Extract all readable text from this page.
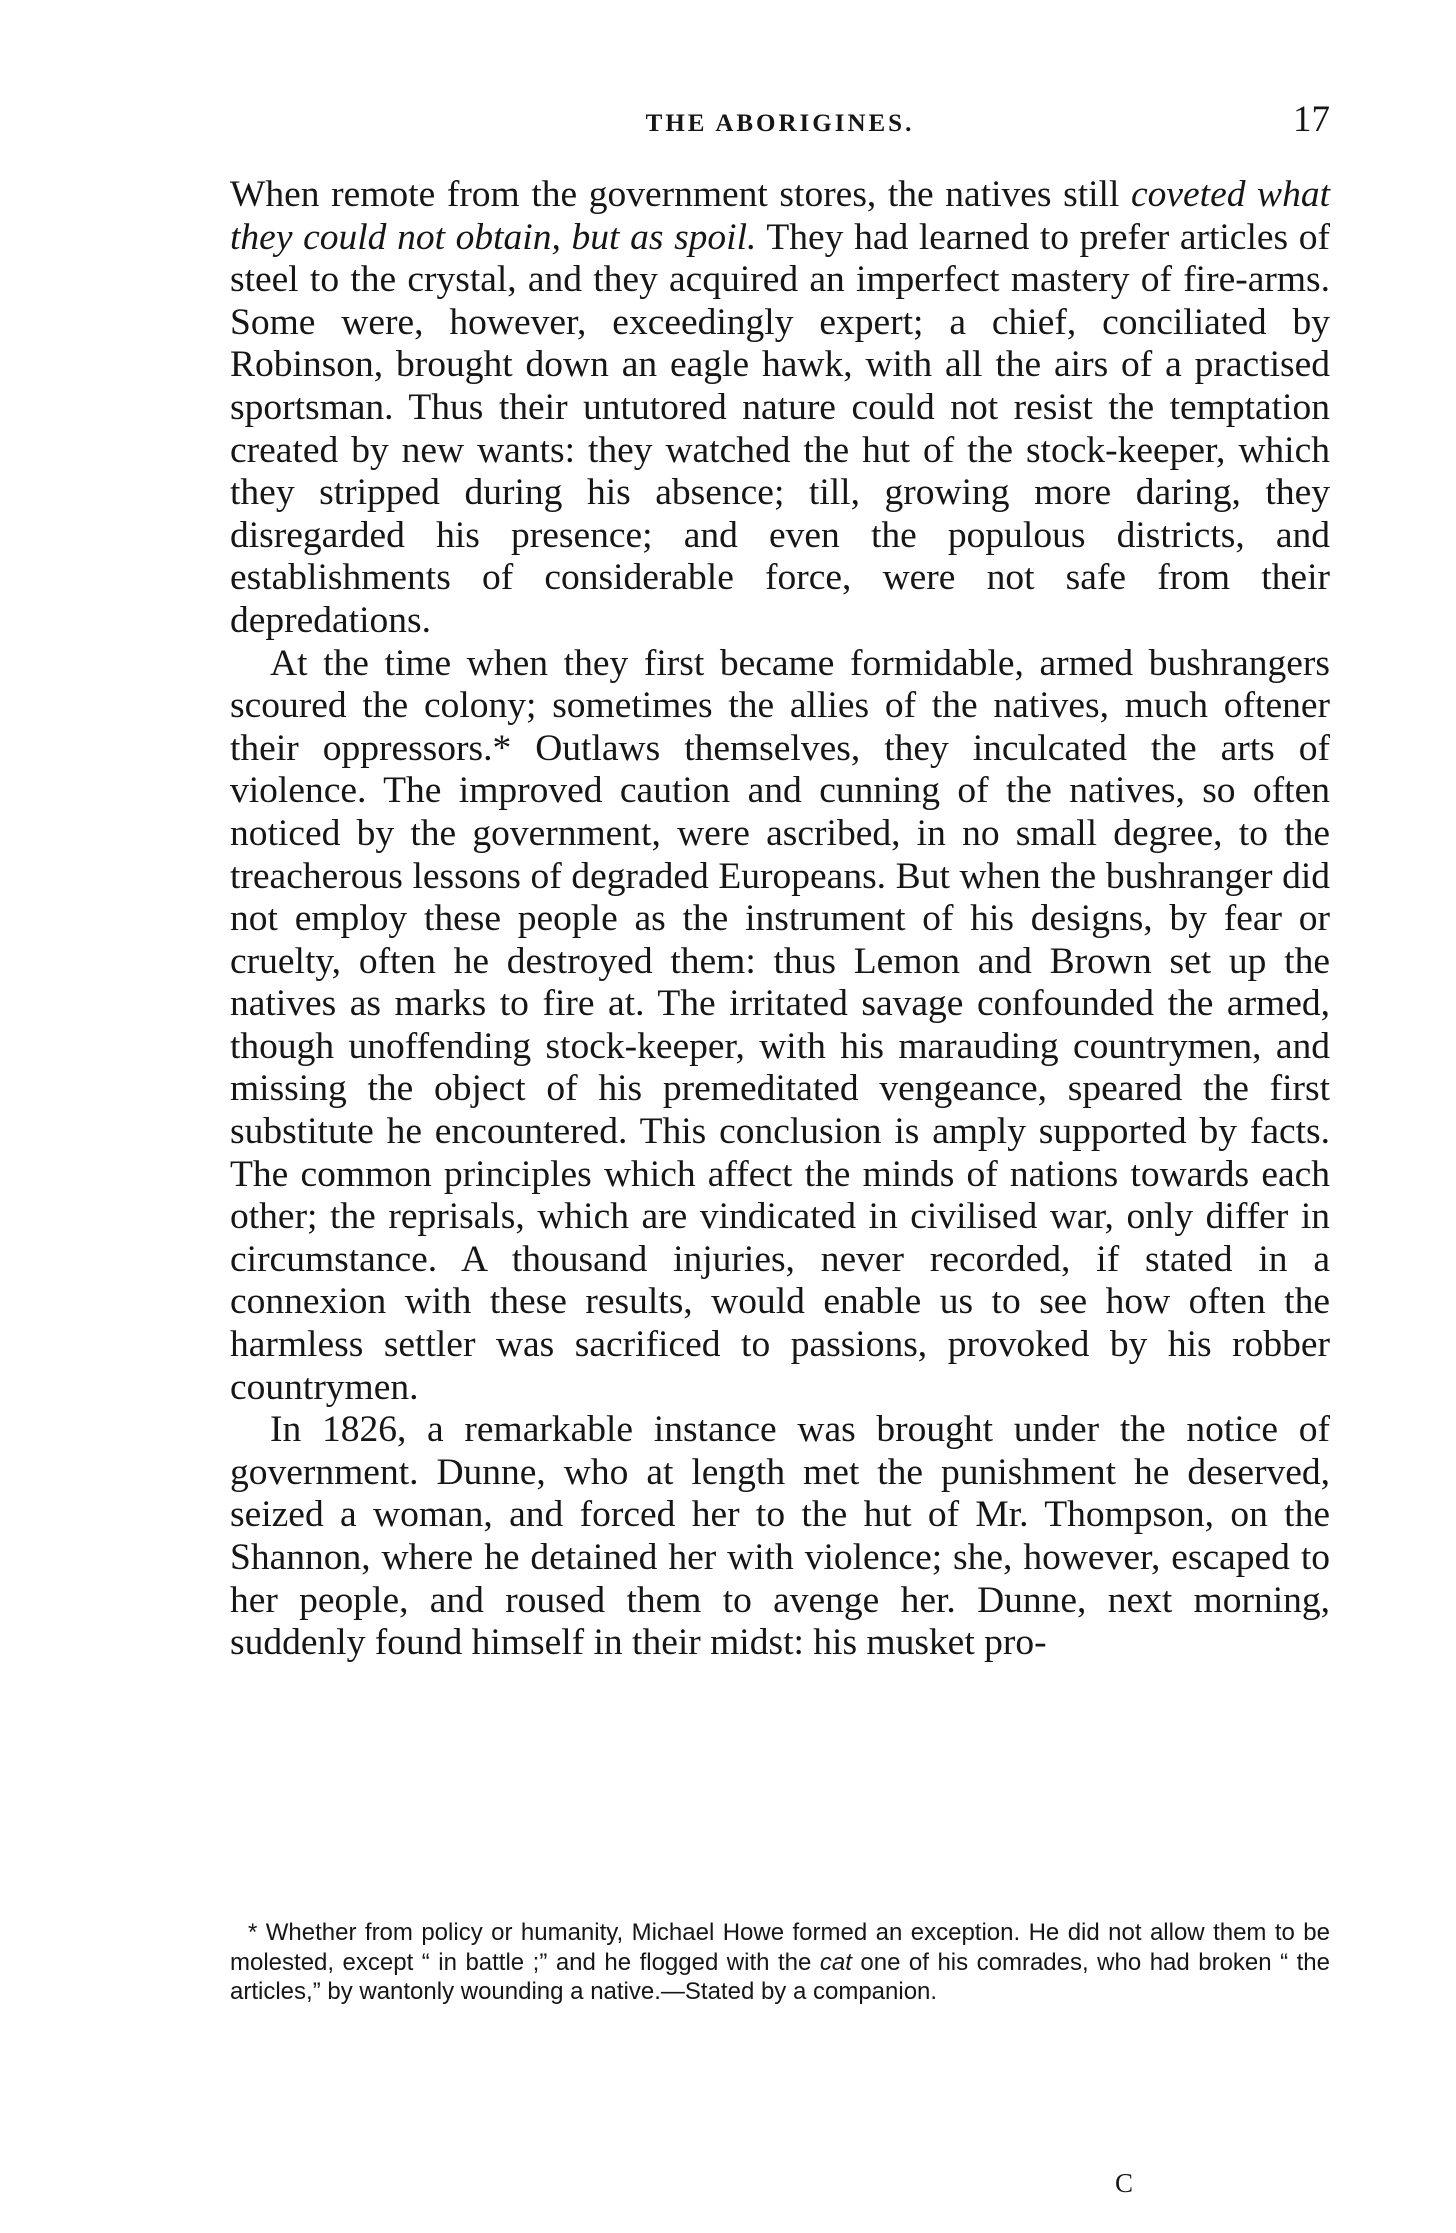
THE ABORIGINES.	17

When remote from the government stores, the natives still coveted what they could not obtain, but as spoil. They had learned to prefer articles of steel to the crystal, and they acquired an imperfect mastery of fire-arms. Some were, however, exceedingly expert; a chief, conciliated by Robinson, brought down an eagle hawk, with all the airs of a practised sportsman. Thus their untutored nature could not resist the temptation created by new wants: they watched the hut of the stock-keeper, which they stripped during his absence; till, growing more daring, they disregarded his presence; and even the populous districts, and establishments of considerable force, were not safe from their depredations.

At the time when they first became formidable, armed bushrangers scoured the colony; sometimes the allies of the natives, much oftener their oppressors.* Outlaws themselves, they inculcated the arts of violence. The improved caution and cunning of the natives, so often noticed by the government, were ascribed, in no small degree, to the treacherous lessons of degraded Europeans. But when the bushranger did not employ these people as the instrument of his designs, by fear or cruelty, often he destroyed them: thus Lemon and Brown set up the natives as marks to fire at. The irritated savage confounded the armed, though unoffending stock-keeper, with his marauding countrymen, and missing the object of his premeditated vengeance, speared the first substitute he encountered. This conclusion is amply supported by facts. The common principles which affect the minds of nations towards each other; the reprisals, which are vindicated in civilised war, only differ in circumstance. A thousand injuries, never recorded, if stated in a connexion with these results, would enable us to see how often the harmless settler was sacrificed to passions, provoked by his robber countrymen.

In 1826, a remarkable instance was brought under the notice of government. Dunne, who at length met the punishment he deserved, seized a woman, and forced her to the hut of Mr. Thompson, on the Shannon, where he detained her with violence; she, however, escaped to her people, and roused them to avenge her. Dunne, next morning, suddenly found himself in their midst: his musket pro-

* Whether from policy or humanity, Michael Howe formed an exception. He did not allow them to be molested, except “ in battle ;” and he flogged with the cat one of his comrades, who had broken “ the articles,” by wantonly wounding a native.—Stated by a companion.

C
